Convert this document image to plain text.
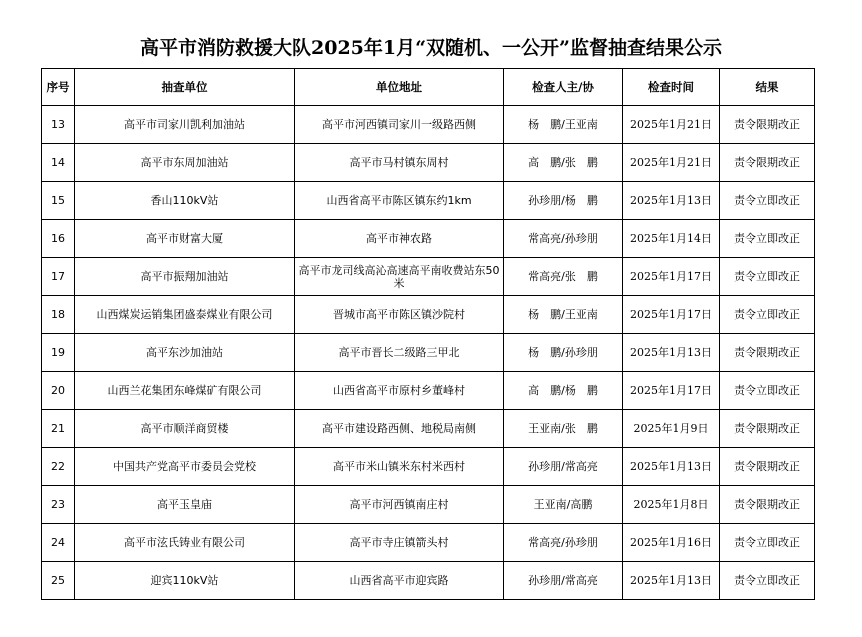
高平市消防救援大队2025年1月“双随机、一公开”监督抽查结果公示
序号	抽查单位	单位地址	检查人主/协	检查时间	结果
13	高平市司家川凯利加油站	高平市河西镇司家川一级路西侧	杨　鹏/王亚南	2025年1月21日	责令限期改正
14	高平市东周加油站	高平市马村镇东周村	高　鹏/张　鹏	2025年1月21日	责令限期改正
15	香山110kV站	山西省高平市陈区镇东约1km	孙珍朋/杨　鹏	2025年1月13日	责令立即改正
16	高平市财富大厦	高平市神农路	常高亮/孙珍朋	2025年1月14日	责令立即改正
17	高平市振翔加油站	高平市龙司线高沁高速高平南收费站东50米	常高亮/张　鹏	2025年1月17日	责令立即改正
18	山西煤炭运销集团盛泰煤业有限公司	晋城市高平市陈区镇沙院村	杨　鹏/王亚南	2025年1月17日	责令立即改正
19	高平东沙加油站	高平市晋长二级路三甲北	杨　鹏/孙珍朋	2025年1月13日	责令限期改正
20	山西兰花集团东峰煤矿有限公司	山西省高平市原村乡董峰村	高　鹏/杨　鹏	2025年1月17日	责令立即改正
21	高平市顺洋商贸楼	高平市建设路西侧、地税局南侧	王亚南/张　鹏	2025年1月9日	责令限期改正
22	中国共产党高平市委员会党校	高平市米山镇米东村米西村	孙珍朋/常高亮	2025年1月13日	责令限期改正
23	高平玉皇庙	高平市河西镇南庄村	王亚南/高鹏	2025年1月8日	责令限期改正
24	高平市泫氏铸业有限公司	高平市寺庄镇箭头村	常高亮/孙珍朋	2025年1月16日	责令立即改正
25	迎宾110kV站	山西省高平市迎宾路	孙珍朋/常高亮	2025年1月13日	责令立即改正
